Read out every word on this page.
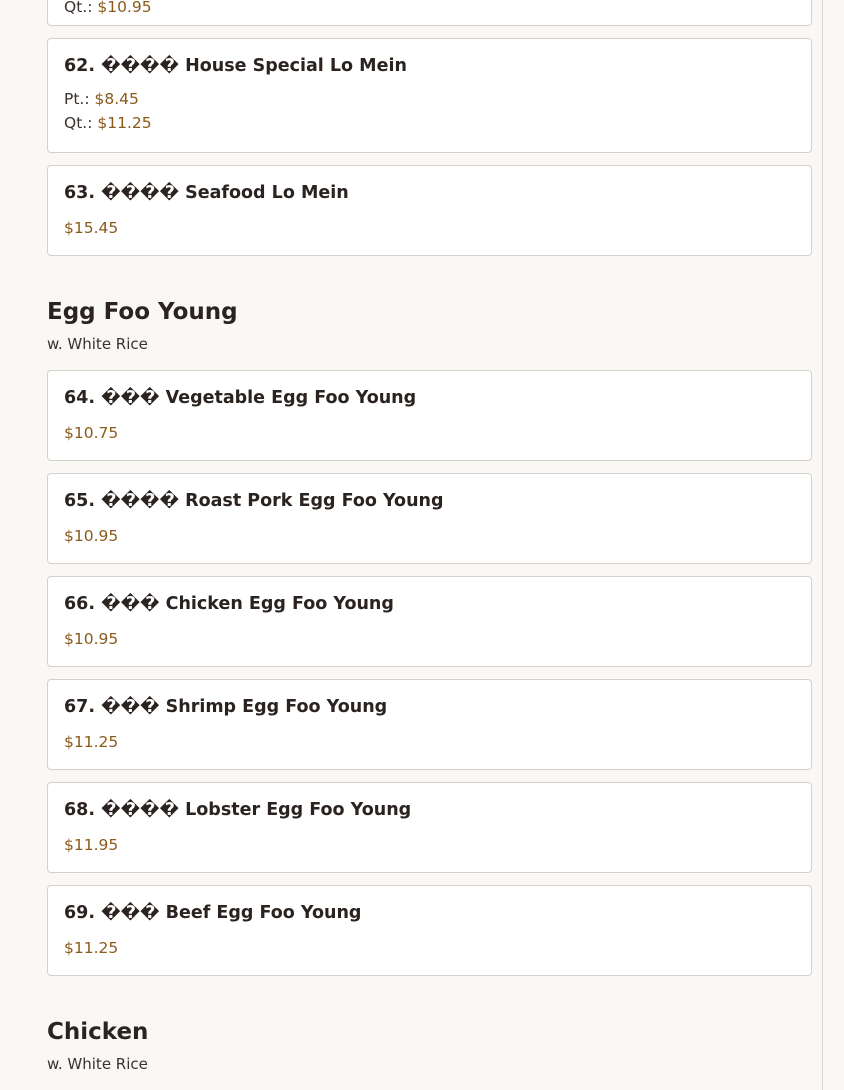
Qt.: $10.95
62. ���� House Special Lo Mein
Pt.: $8.45
Qt.: $11.25
63. ���� Seafood Lo Mein
$15.45
Egg Foo Young
w. White Rice
64. ��� Vegetable Egg Foo Young
$10.75
65. ���� Roast Pork Egg Foo Young
$10.95
66. ��� Chicken Egg Foo Young
$10.95
67. ��� Shrimp Egg Foo Young
$11.25
68. ���� Lobster Egg Foo Young
$11.95
69. ��� Beef Egg Foo Young
$11.25
Chicken
w. White Rice
